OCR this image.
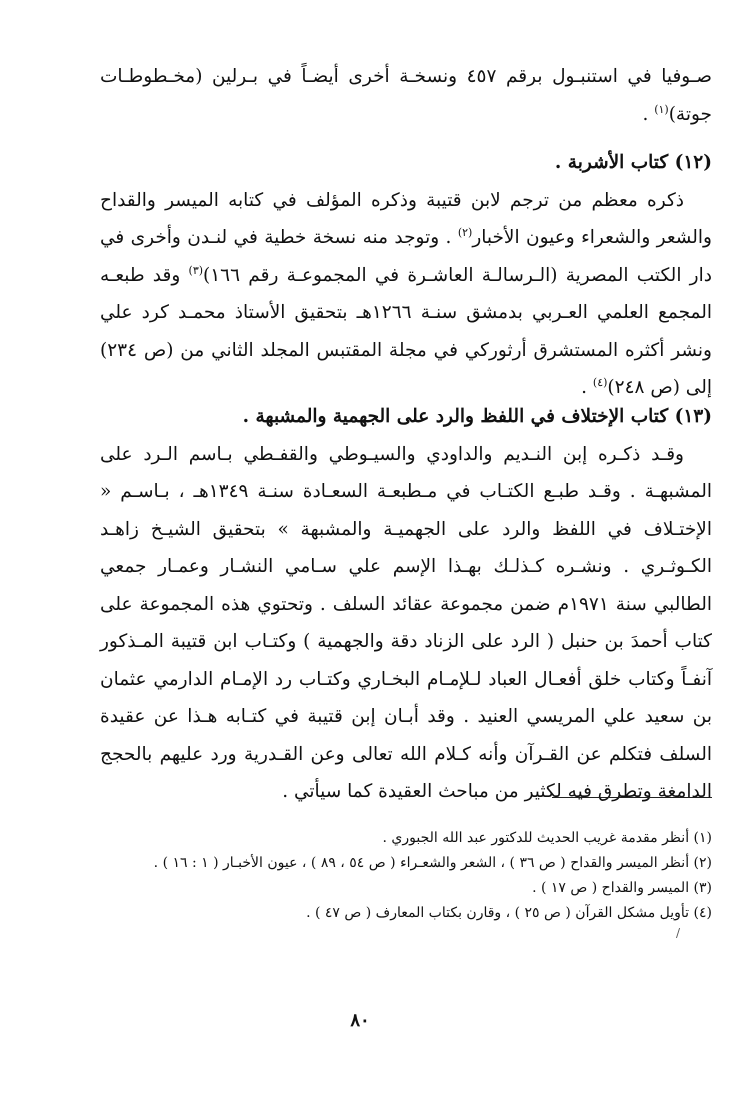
صـوفيا في استنبـول برقم ٤٥٧ ونسخـة أخرى أيضـاً في بـرلين (مخـطوطـات جوتة)$^{(١)}$ .

(١٢) كتاب الأشربة .

ذكره معظم من ترجم لابن قتيبة وذكره المؤلف في كتابه الميسر والقداح والشعر والشعراء وعيون الأخبار$^{(٢)}$ . وتوجد منه نسخة خطية في لنـدن وأخرى في دار الكتب المصرية (الـرسالـة العاشـرة في المجموعـة رقم ١٦٦)$^{(٣)}$ وقد طبعـه المجمع العلمي العـربي بدمشق سنـة ١٢٦٦هـ بتحقيق الأستاذ محمـد كرد علي ونشر أكثره المستشرق أرثوركي في مجلة المقتبس المجلد الثاني من (ص ٢٣٤) إلى (ص ٢٤٨)$^{(٤)}$ .

(١٣) كتاب الإختلاف في اللفظ والرد على الجهمية والمشبهة .

وقـد ذكـره إبن النـديم والداودي والسيـوطي والقفـطي بـاسم الـرد على المشبهـة . وقـد طبـع الكتـاب في مـطبعـة السعـادة سنـة ١٣٤٩هـ ، بـاسـم « الإختـلاف في اللفظ والرد على الجهميـة والمشبهة » بتحقيق الشيـخ زاهـد الكـوثـري . ونشـره كـذلـك بهـذا الإسم علي سـامي النشـار وعمـار جمعي الطالبي سنة ١٩٧١م ضمن مجموعة عقائد السلف . وتحتوي هذه المجموعة على كتاب أحمدَ بن حنبل ( الرد على الزناد دقة والجهمية ) وكتـاب ابن قتيبة المـذكور آنفـاً وكتاب خلق أفعـال العباد لـلإمـام البخـاري وكتـاب رد الإمـام الدارمي عثمان بن سعيد علي المريسي العنيد . وقد أبـان إبن قتيبة في كتـابه هـذا عن عقيدة السلف فتكلم عن القـرآن وأنه كـلام الله تعالى وعن القـدرية ورد عليهم بالحجج الدامغة وتطرق فيه لكثير من مباحث العقيدة كما سيأتي .

(١) أنظر مقدمة غريب الحديث للدكتور عبد الله الجبوري .

(٢) أنظر الميسر والقداح ( ص ٣٦ ) ، الشعر والشعـراء ( ص ٥٤ ، ٨٩ ) ، عيون الأخبـار ( ١ : ١٦ ) .

(٣) الميسر والقداح ( ص ١٧ ) .

(٤) تأويل مشكل القرآن ( ص ٢٥ ) ، وقارن بكتاب المعارف ( ص ٤٧ ) .

/
٨٠
